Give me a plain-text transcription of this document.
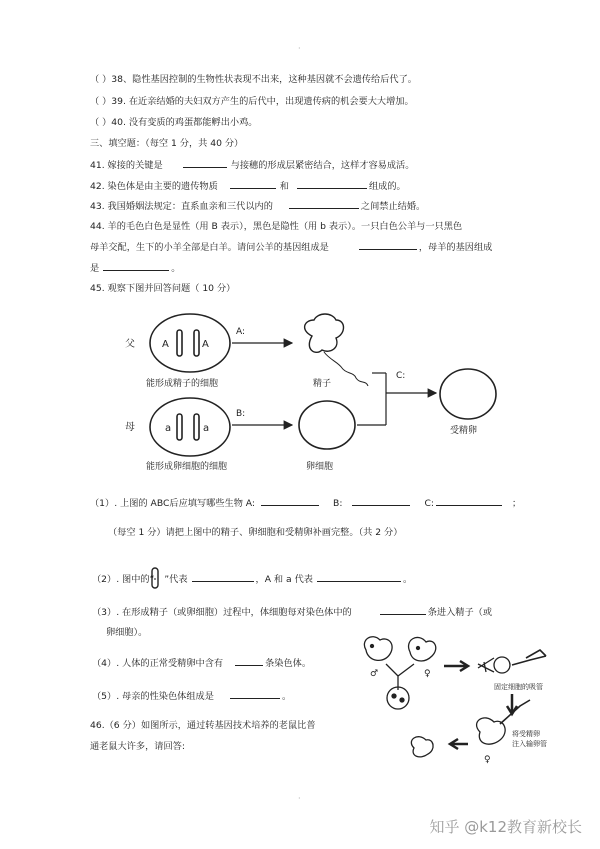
·
（ ）38、隐性基因控制的生物性状表现不出来，这种基因就不会遗传给后代了。
（ ）39. 在近亲结婚的夫妇双方产生的后代中，出现遗传病的机会要大大增加。
（ ）40. 没有变质的鸡蛋都能孵出小鸡。
三、填空题：（每空 1 分，共 40 分）
41. 嫁接的关键是	与接穗的形成层紧密结合，这样才容易成活。
42. 染色体是由主要的遗传物质	和	组成的。
43. 我国婚姻法规定：直系血亲和三代以内的	之间禁止结婚。
44. 羊的毛色白色是显性（用 B 表示），黑色是隐性（用 b 表示）。一只白色公羊与一只黑色
母羊交配，生下的小羊全部是白羊。请问公羊的基因组成是	，母羊的基因组成
是	。
45. 观察下图并回答问题（ 10 分）
父
母
A	A
能形成精子的细胞
a	a
能形成卵细胞的细胞
A:
B:
精子
卵细胞
C:
受精卵
♂	♀
固定细胞的吸管
♀
将受精卵
注入输卵管
（1）. 上图的 ABC后应填写哪些生物 A:	B:	C:	；
（每空 1 分）请把上图中的精子、卵细胞和受精卵补画完整。（共 2 分）
（2）. 图中的“ ”代表	，A 和 a 代表	。
（3）. 在形成精子（或卵细胞）过程中，体细胞每对染色体中的	条进入精子（或
卵细胞）。
（4）. 人体的正常受精卵中含有	条染色体。
（5）. 母亲的性染色体组成是	。
46.（6 分）如图所示，通过转基因技术培养的老鼠比普
通老鼠大许多，请回答:
·
知乎 @k12教育新校长
